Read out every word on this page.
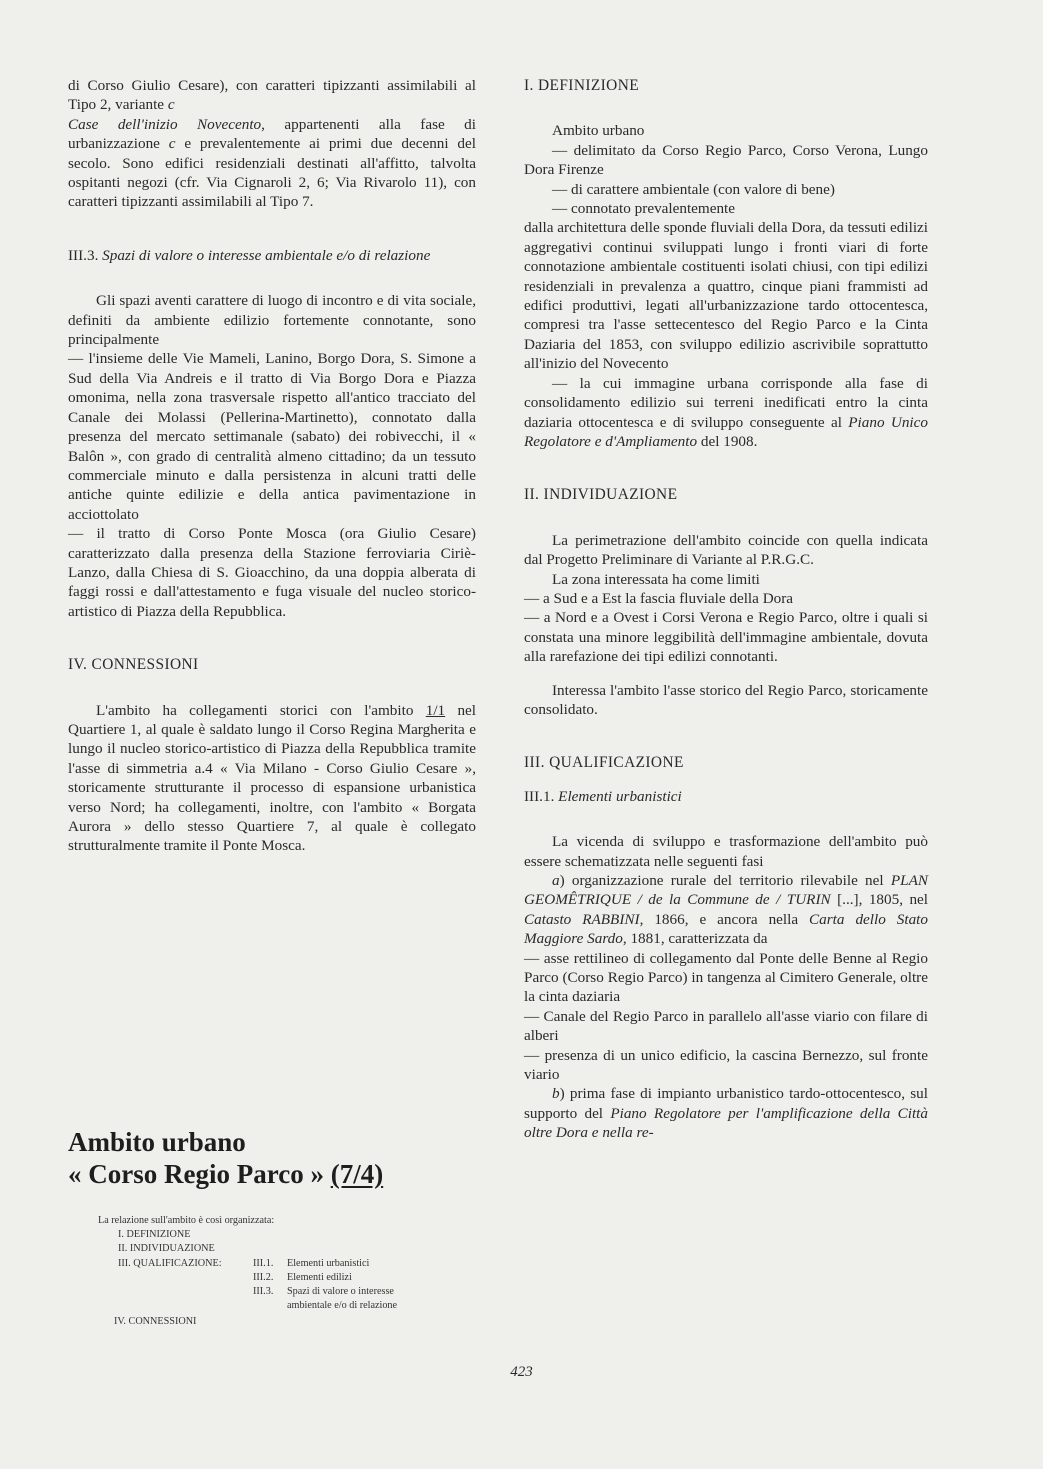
di Corso Giulio Cesare), con caratteri tipizzanti assimilabili al Tipo 2, variante c

Case dell'inizio Novecento, appartenenti alla fase di urbanizzazione c e prevalentemente ai primi due decenni del secolo. Sono edifici residenziali destinati all'affitto, talvolta ospitanti negozi (cfr. Via Cignaroli 2, 6; Via Rivarolo 11), con caratteri tipizzanti assimilabili al Tipo 7.

III.3. Spazi di valore o interesse ambientale e/o di relazione

Gli spazi aventi carattere di luogo di incontro e di vita sociale, definiti da ambiente edilizio fortemente connotante, sono principalmente

— l'insieme delle Vie Mameli, Lanino, Borgo Dora, S. Simone a Sud della Via Andreis e il tratto di Via Borgo Dora e Piazza omonima, nella zona trasversale rispetto all'antico tracciato del Canale dei Molassi (Pellerina-Martinetto), connotato dalla presenza del mercato settimanale (sabato) dei robivecchi, il « Balôn », con grado di centralità almeno cittadino; da un tessuto commerciale minuto e dalla persistenza in alcuni tratti delle antiche quinte edilizie e della antica pavimentazione in acciottolato

— il tratto di Corso Ponte Mosca (ora Giulio Cesare) caratterizzato dalla presenza della Stazione ferroviaria Ciriè-Lanzo, dalla Chiesa di S. Gioacchino, da una doppia alberata di faggi rossi e dall'attestamento e fuga visuale del nucleo storico-artistico di Piazza della Repubblica.

IV. CONNESSIONI

L'ambito ha collegamenti storici con l'ambito 1/1 nel Quartiere 1, al quale è saldato lungo il Corso Regina Margherita e lungo il nucleo storico-artistico di Piazza della Repubblica tramite l'asse di simmetria a.4 « Via Milano - Corso Giulio Cesare », storicamente strutturante il processo di espansione urbanistica verso Nord; ha collegamenti, inoltre, con l'ambito « Borgata Aurora » dello stesso Quartiere 7, al quale è collegato strutturalmente tramite il Ponte Mosca.

Ambito urbano
« Corso Regio Parco » (7/4)
La relazione sull'ambito è così organizzata:
I. DEFINIZIONE
II. INDIVIDUAZIONE
III. QUALIFICAZIONE:	III.1.	Elementi urbanistici
III.2.	Elementi edilizi
III.3.	Spazi di valore o interesse ambientale e/o di relazione
IV. CONNESSIONI

I. DEFINIZIONE

Ambito urbano

— delimitato da Corso Regio Parco, Corso Verona, Lungo Dora Firenze

— di carattere ambientale (con valore di bene)

— connotato prevalentemente

dalla architettura delle sponde fluviali della Dora, da tessuti edilizi aggregativi continui sviluppati lungo i fronti viari di forte connotazione ambientale costituenti isolati chiusi, con tipi edilizi residenziali in prevalenza a quattro, cinque piani frammisti ad edifici produttivi, legati all'urbanizzazione tardo ottocentesca, compresi tra l'asse settecentesco del Regio Parco e la Cinta Daziaria del 1853, con sviluppo edilizio ascrivibile soprattutto all'inizio del Novecento

— la cui immagine urbana corrisponde alla fase di consolidamento edilizio sui terreni inedificati entro la cinta daziaria ottocentesca e di sviluppo conseguente al Piano Unico Regolatore e d'Ampliamento del 1908.

II. INDIVIDUAZIONE

La perimetrazione dell'ambito coincide con quella indicata dal Progetto Preliminare di Variante al P.R.G.C.

La zona interessata ha come limiti

— a Sud e a Est la fascia fluviale della Dora

— a Nord e a Ovest i Corsi Verona e Regio Parco, oltre i quali si constata una minore leggibilità dell'immagine ambientale, dovuta alla rarefazione dei tipi edilizi connotanti.

Interessa l'ambito l'asse storico del Regio Parco, storicamente consolidato.

III. QUALIFICAZIONE

III.1. Elementi urbanistici

La vicenda di sviluppo e trasformazione dell'ambito può essere schematizzata nelle seguenti fasi

a) organizzazione rurale del territorio rilevabile nel PLAN GEOMÊTRIQUE / de la Commune de / TURIN [...], 1805, nel Catasto RABBINI, 1866, e ancora nella Carta dello Stato Maggiore Sardo, 1881, caratterizzata da

— asse rettilineo di collegamento dal Ponte delle Benne al Regio Parco (Corso Regio Parco) in tangenza al Cimitero Generale, oltre la cinta daziaria

— Canale del Regio Parco in parallelo all'asse viario con filare di alberi

— presenza di un unico edificio, la cascina Bernezzo, sul fronte viario

b) prima fase di impianto urbanistico tardo-ottocentesco, sul supporto del Piano Regolatore per l'amplificazione della Città oltre Dora e nella re-

423
